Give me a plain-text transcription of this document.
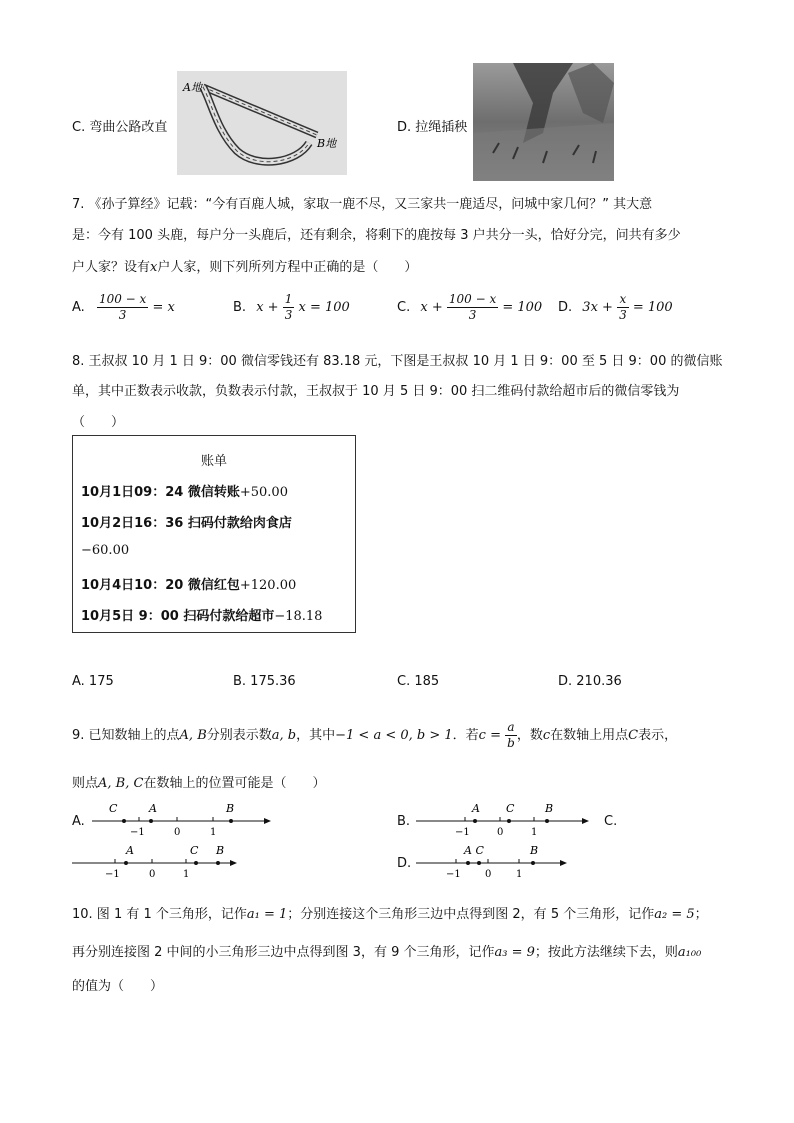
C. 弯曲公路改直
A地
B地
D. 拉绳插秧
7. 《孙子算经》记载：“今有百鹿人城，家取一鹿不尽，又三家共一鹿适尽，问城中家几何？” 其大意
是：今有 100 头鹿，每户分一头鹿后，还有剩余，将剩下的鹿按每 3 户共分一头，恰好分完，问共有多少
户人家？设有x户人家，则下列所列方程中正确的是（　　）
A. $\frac{100 - x}{3} = x$	B. $x + \frac{1}{3}$ x = 100	C. $x + \frac{100 - x}{3} = 100$ D. $3x + \frac{x}{3} = 100$
8. 王叔叔 10 月 1 日 9：00 微信零钱还有 83.18 元，下图是王叔叔 10 月 1 日 9：00 至 5 日 9：00 的微信账
单，其中正数表示收款，负数表示付款，王叔叔于 10 月 5 日 9：00 扫二维码付款给超市后的微信零钱为
（　　）
账单
10月1日09：24 微信转账+50.00
10月2日16：36 扫码付款给肉食店
−60.00
10月4日10：20 微信红包+120.00
10月5日 9：00 扫码付款给超市−18.18
A. 175	B. 175.36	C. 185	D. 210.36
9. 已知数轴上的点A, B分别表示数a, b，其中−1 < a < 0, b > 1．若$c = \frac{a}{b}$ ，数c在数轴上用点C表示，
则点A, B, C在数轴上的位置可能是（　　）
A.
C	A	B
−1	0	1
B.
A C	B
−1	0	1
C.
A	C B
−1	0	1
D.
A C	B
−1 0 1
10. 图 1 有 1 个三角形，记作a₁ = 1；分别连接这个三角形三边中点得到图 2，有 5 个三角形，记作a₂ = 5；
再分别连接图 2 中间的小三角形三边中点得到图 3，有 9 个三角形，记作a₃ = 9；按此方法继续下去，则a₁₀₀
的值为（　　）
